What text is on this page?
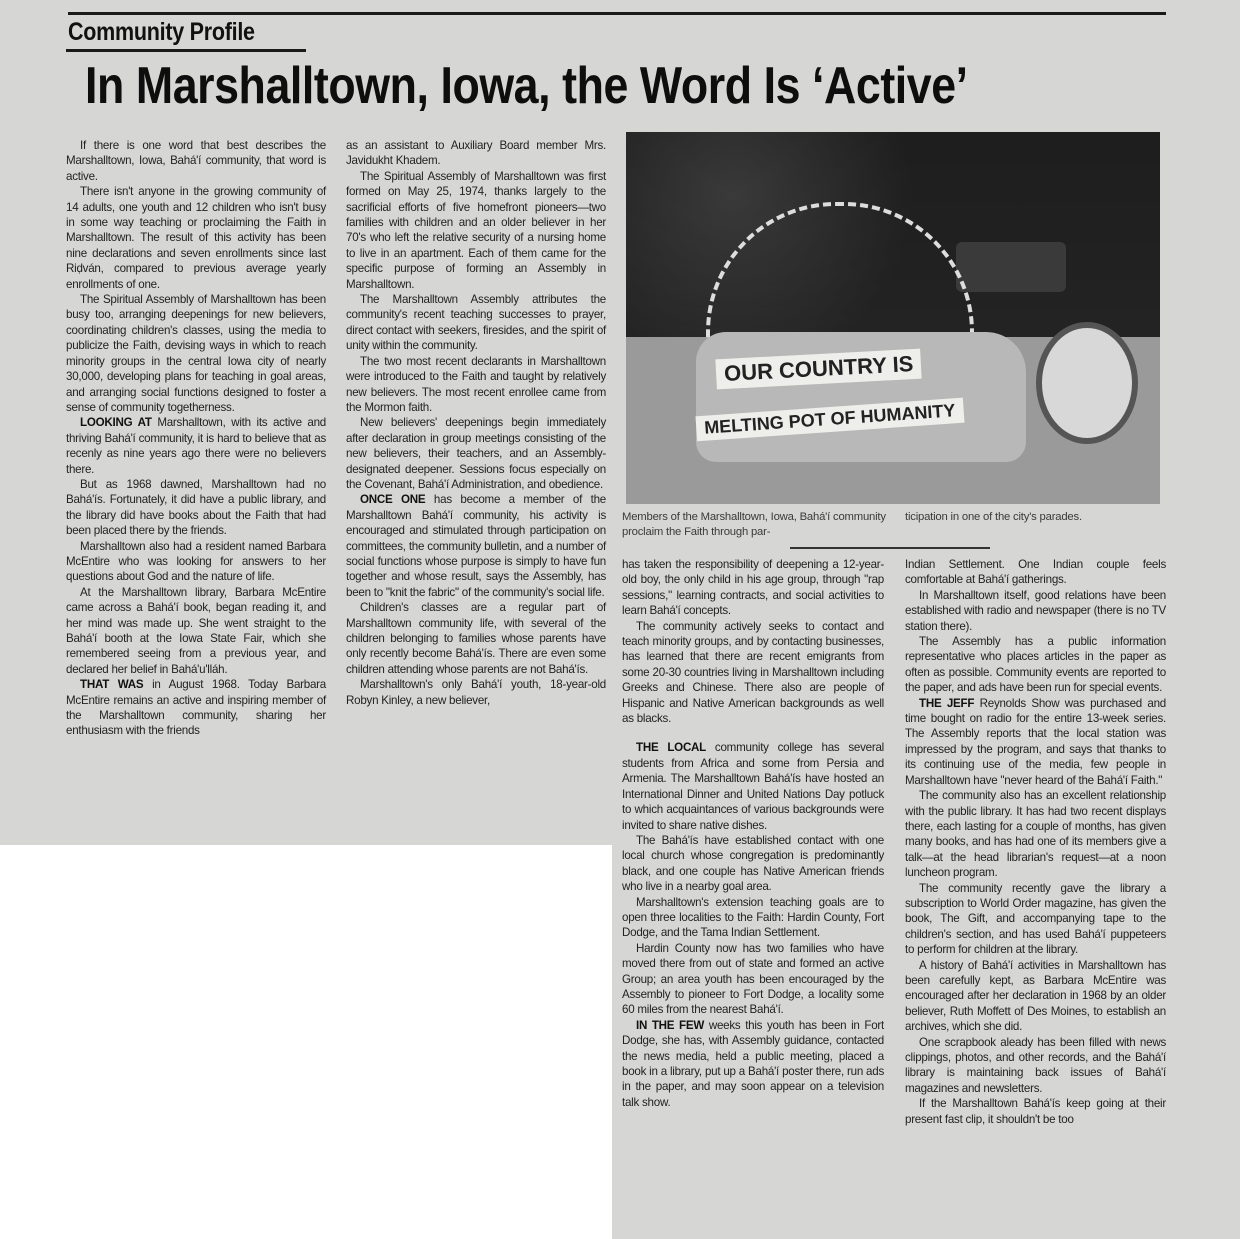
Community Profile
In Marshalltown, Iowa, the Word Is ‘Active’

If there is one word that best describes the Marshalltown, Iowa, Bahá'í community, that word is active.

There isn't anyone in the growing community of 14 adults, one youth and 12 children who isn't busy in some way teaching or proclaiming the Faith in Marshalltown. The result of this activity has been nine declarations and seven enrollments since last Riḍván, compared to previous average yearly enrollments of one.

The Spiritual Assembly of Marshalltown has been busy too, arranging deepenings for new believers, coordinating children's classes, using the media to publicize the Faith, devising ways in which to reach minority groups in the central Iowa city of nearly 30,000, developing plans for teaching in goal areas, and arranging social functions designed to foster a sense of community togetherness.

LOOKING AT Marshalltown, with its active and thriving Bahá'í community, it is hard to believe that as recenly as nine years ago there were no believers there.

But as 1968 dawned, Marshalltown had no Bahá'ís. Fortunately, it did have a public library, and the library did have books about the Faith that had been placed there by the friends.

Marshalltown also had a resident named Barbara McEntire who was looking for answers to her questions about God and the nature of life.

At the Marshalltown library, Barbara McEntire came across a Bahá'í book, began reading it, and her mind was made up. She went straight to the Bahá'í booth at the Iowa State Fair, which she remembered seeing from a previous year, and declared her belief in Bahá'u'lláh.

THAT WAS in August 1968. Today Barbara McEntire remains an active and inspiring member of the Marshalltown community, sharing her enthusiasm with the friends

as an assistant to Auxiliary Board member Mrs. Javidukht Khadem.

The Spiritual Assembly of Marshalltown was first formed on May 25, 1974, thanks largely to the sacrificial efforts of five homefront pioneers—two families with children and an older believer in her 70's who left the relative security of a nursing home to live in an apartment. Each of them came for the specific purpose of forming an Assembly in Marshalltown.

The Marshalltown Assembly attributes the community's recent teaching successes to prayer, direct contact with seekers, firesides, and the spirit of unity within the community.

The two most recent declarants in Marshalltown were introduced to the Faith and taught by relatively new believers. The most recent enrollee came from the Mormon faith.

New believers' deepenings begin immediately after declaration in group meetings consisting of the new believers, their teachers, and an Assembly-designated deepener. Sessions focus especially on the Covenant, Bahá'í Administration, and obedience.

ONCE ONE has become a member of the Marshalltown Bahá'í community, his activity is encouraged and stimulated through participation on committees, the community bulletin, and a number of social functions whose purpose is simply to have fun together and whose result, says the Assembly, has been to "knit the fabric" of the community's social life.

Children's classes are a regular part of Marshalltown community life, with several of the children belonging to families whose parents have only recently become Bahá'ís. There are even some children attending whose parents are not Bahá'ís.

Marshalltown's only Bahá'í youth, 18-year-old Robyn Kinley, a new believer,

OUR COUNTRY IS
MELTING POT OF HUMANITY
Members of the Marshalltown, Iowa, Bahá'í community proclaim the Faith through par-
ticipation in one of the city's parades.

has taken the responsibility of deepening a 12-year-old boy, the only child in his age group, through "rap sessions," learning contracts, and social activities to learn Bahá'í concepts.

The community actively seeks to contact and teach minority groups, and by contacting businesses, has learned that there are recent emigrants from some 20-30 countries living in Marshalltown including Greeks and Chinese. There also are people of Hispanic and Native American backgrounds as well as blacks.

THE LOCAL community college has several students from Africa and some from Persia and Armenia. The Marshalltown Bahá'ís have hosted an International Dinner and United Nations Day potluck to which acquaintances of various backgrounds were invited to share native dishes.

The Bahá'ís have established contact with one local church whose congregation is predominantly black, and one couple has Native American friends who live in a nearby goal area.

Marshalltown's extension teaching goals are to open three localities to the Faith: Hardin County, Fort Dodge, and the Tama Indian Settlement.

Hardin County now has two families who have moved there from out of state and formed an active Group; an area youth has been encouraged by the Assembly to pioneer to Fort Dodge, a locality some 60 miles from the nearest Bahá'í.

IN THE FEW weeks this youth has been in Fort Dodge, she has, with Assembly guidance, contacted the news media, held a public meeting, placed a book in a library, put up a Bahá'í poster there, run ads in the paper, and may soon appear on a television talk show.

Indian Settlement. One Indian couple feels comfortable at Bahá'í gatherings.

In Marshalltown itself, good relations have been established with radio and newspaper (there is no TV station there).

The Assembly has a public information representative who places articles in the paper as often as possible. Community events are reported to the paper, and ads have been run for special events.

THE JEFF Reynolds Show was purchased and time bought on radio for the entire 13-week series. The Assembly reports that the local station was impressed by the program, and says that thanks to its continuing use of the media, few people in Marshalltown have "never heard of the Bahá'í Faith."

The community also has an excellent relationship with the public library. It has had two recent displays there, each lasting for a couple of months, has given many books, and has had one of its members give a talk—at the head librarian's request—at a noon luncheon program.

The community recently gave the library a subscription to World Order magazine, has given the book, The Gift, and accompanying tape to the children's section, and has used Bahá'í puppeteers to perform for children at the library.

A history of Bahá'í activities in Marshalltown has been carefully kept, as Barbara McEntire was encouraged after her declaration in 1968 by an older believer, Ruth Moffett of Des Moines, to establish an archives, which she did.

One scrapbook aleady has been filled with news clippings, photos, and other records, and the Bahá'í library is maintaining back issues of Bahá'í magazines and newsletters.

If the Marshalltown Bahá'ís keep going at their present fast clip, it shouldn't be too
